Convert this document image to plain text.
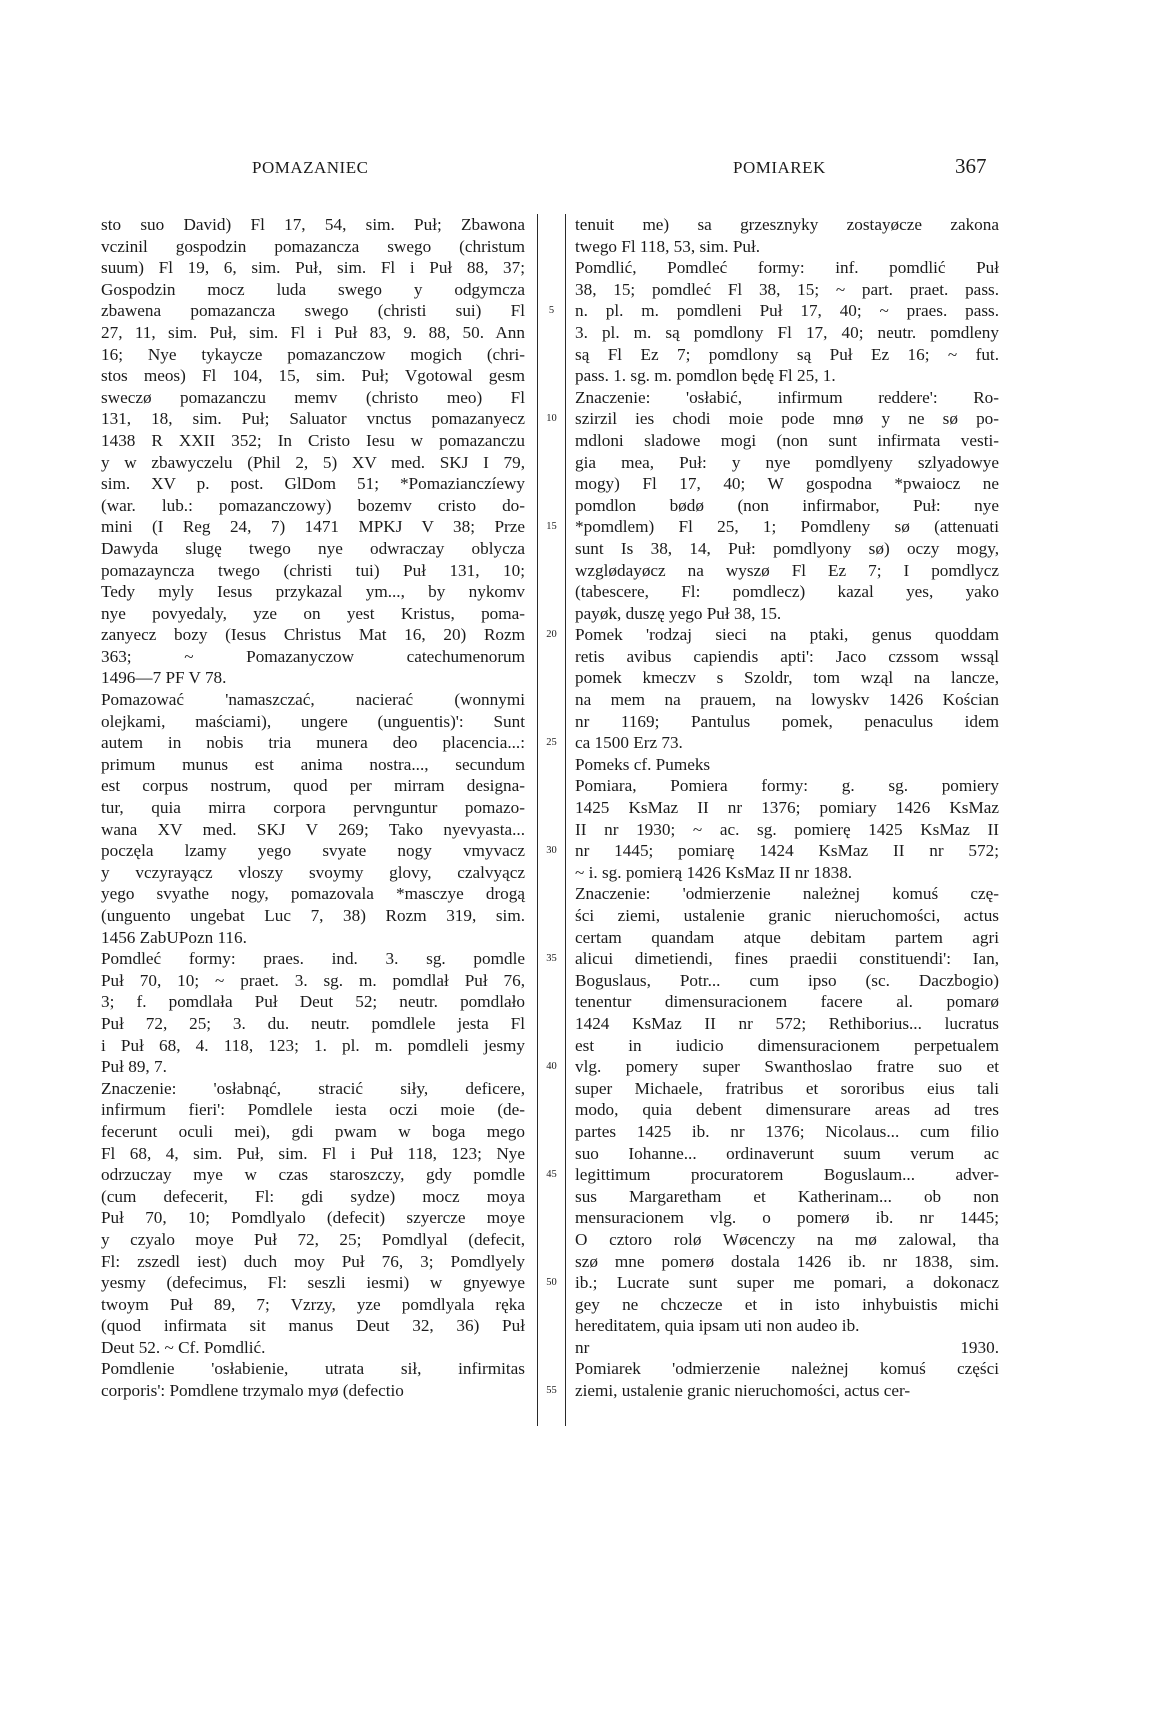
POMAZANIEC	POMIAREK	367
sto suo David) Fl 17, 54, sim. Puł; Zbawona
vczinil gospodzin pomazancza swego (christum
suum) Fl 19, 6, sim. Puł, sim. Fl i Puł 88, 37;
Gospodzin mocz luda swego y odgymcza
zbawena pomazancza swego (christi sui) Fl
27, 11, sim. Puł, sim. Fl i Puł 83, 9. 88, 50. Ann
16; Nye tykaycze pomazanczow mogich (chri-
stos meos) Fl 104, 15, sim. Puł; Vgotowal gesm
sweczø pomazanczu memv (christo meo) Fl
131, 18, sim. Puł; Saluator vnctus pomazanyecz
1438 R XXII 352; In Cristo Iesu w pomazanczu
y w zbawyczelu (Phil 2, 5) XV med. SKJ I 79,
sim. XV p. post. GlDom 51; *Pomazianczíewy
(war. lub.: pomazanczowy) bozemv cristo do-
mini (I Reg 24, 7) 1471 MPKJ V 38; Prze
Dawyda slugę twego nye odwraczay oblycza
pomazayncza twego (christi tui) Puł 131, 10;
Tedy myly Iesus przykazal ym..., by nykomv
nye povyedaly, yze on yest Kristus, poma-
zanyecz bozy (Iesus Christus Mat 16, 20) Rozm
363; ~ Pomazanyczow catechumenorum
1496—7 PF V 78.
Pomazować 'namaszczać, nacierać (wonnymi
olejkami, maściami), ungere (unguentis)': Sunt
autem in nobis tria munera deo placencia...:
primum munus est anima nostra..., secundum
est corpus nostrum, quod per mirram designa-
tur, quia mirra corpora pervnguntur pomazo-
wana XV med. SKJ V 269; Tako nyevyasta...
poczęla lzamy yego svyate nogy vmyvacz
y vczyrayącz vloszy svoymy glovy, czalvyącz
yego svyathe nogy, pomazovala *masczye drogą
(unguento ungebat Luc 7, 38) Rozm 319, sim.
1456 ZabUPozn 116.
Pomdleć formy: praes. ind. 3. sg. pomdle
Puł 70, 10; ~ praet. 3. sg. m. pomdlał Puł 76,
3; f. pomdlała Puł Deut 52; neutr. pomdlało
Puł 72, 25; 3. du. neutr. pomdlele jesta Fl
i Puł 68, 4. 118, 123; 1. pl. m. pomdleli jesmy
Puł 89, 7.
Znaczenie: 'osłabnąć, stracić siły, deficere,
infirmum fieri': Pomdlele iesta oczi moie (de-
fecerunt oculi mei), gdi pwam w boga mego
Fl 68, 4, sim. Puł, sim. Fl i Puł 118, 123; Nye
odrzuczay mye w czas staroszczy, gdy pomdle
(cum defecerit, Fl: gdi sydze) mocz moya
Puł 70, 10; Pomdlyalo (defecit) szyercze moye
y czyalo moye Puł 72, 25; Pomdlyal (defecit,
Fl: zszedl iest) duch moy Puł 76, 3; Pomdlyely
yesmy (defecimus, Fl: seszli iesmi) w gnyewye
twoym Puł 89, 7; Vzrzy, yze pomdlyala ręka
(quod infirmata sit manus Deut 32, 36) Puł
Deut 52. ~ Cf. Pomdlić.
Pomdlenie 'osłabienie, utrata sił, infirmitas
corporis': Pomdlene trzymalo myø (defectio
5
10
15
20
25
30
35
40
45
50
55
tenuit me) sa grzesznyky zostayøcze zakona
twego Fl 118, 53, sim. Puł.
Pomdlić, Pomdleć formy: inf. pomdlić Puł
38, 15; pomdleć Fl 38, 15; ~ part. praet. pass.
n. pl. m. pomdleni Puł 17, 40; ~ praes. pass.
3. pl. m. są pomdlony Fl 17, 40; neutr. pomdleny
są Fl Ez 7; pomdlony są Puł Ez 16; ~ fut.
pass. 1. sg. m. pomdlon będę Fl 25, 1.
Znaczenie: 'osłabić, infirmum reddere': Ro-
szirzil ies chodi moie pode mnø y ne sø po-
mdloni sladowe mogi (non sunt infirmata vesti-
gia mea, Puł: y nye pomdlyeny szlyadowye
mogy) Fl 17, 40; W gospodna *pwaiocz ne
pomdlon bødø (non infirmabor, Puł: nye
*pomdlem) Fl 25, 1; Pomdleny sø (attenuati
sunt Is 38, 14, Puł: pomdlyony sø) oczy mogy,
wzglødayøcz na wyszø Fl Ez 7; I pomdlycz
(tabescere, Fl: pomdlecz) kazal yes, yako
payøk, duszę yego Puł 38, 15.
Pomek 'rodzaj sieci na ptaki, genus quoddam
retis avibus capiendis apti': Jaco czssom wssąl
pomek kmeczv s Szoldr, tom wząl na lancze,
na mem na prauem, na lowyskv 1426 Kościan
nr 1169; Pantulus pomek, penaculus idem
ca 1500 Erz 73.
Pomeks cf. Pumeks
Pomiara, Pomiera formy: g. sg. pomiery
1425 KsMaz II nr 1376; pomiary 1426 KsMaz
II nr 1930; ~ ac. sg. pomierę 1425 KsMaz II
nr 1445; pomiarę 1424 KsMaz II nr 572;
~ i. sg. pomierą 1426 KsMaz II nr 1838.
Znaczenie: 'odmierzenie należnej komuś czę-
ści ziemi, ustalenie granic nieruchomości, actus
certam quandam atque debitam partem agri
alicui dimetiendi, fines praedii constituendi': Ian,
Boguslaus, Potr... cum ipso (sc. Daczbogio)
tenentur dimensuracionem facere al. pomarø
1424 KsMaz II nr 572; Rethiborius... lucratus
est in iudicio dimensuracionem perpetualem
vlg. pomery super Swanthoslao fratre suo et
super Michaele, fratribus et sororibus eius tali
modo, quia debent dimensurare areas ad tres
partes 1425 ib. nr 1376; Nicolaus... cum filio
suo Iohanne... ordinaverunt suum verum ac
legittimum procuratorem Boguslaum... adver-
sus Margaretham et Katherinam... ob non
mensuracionem vlg. o pomerø ib. nr 1445;
O cztoro rolø Wøcenczy na mø zalowal, tha
szø mne pomerø dostala 1426 ib. nr 1838, sim.
ib.; Lucrate sunt super me pomari, a dokonacz
gey ne chczecze et in isto inhybuistis michi
hereditatem, quia ipsam uti non audeo ib.
nr 1930.
Pomiarek 'odmierzenie należnej komuś części
ziemi, ustalenie granic nieruchomości, actus cer-
